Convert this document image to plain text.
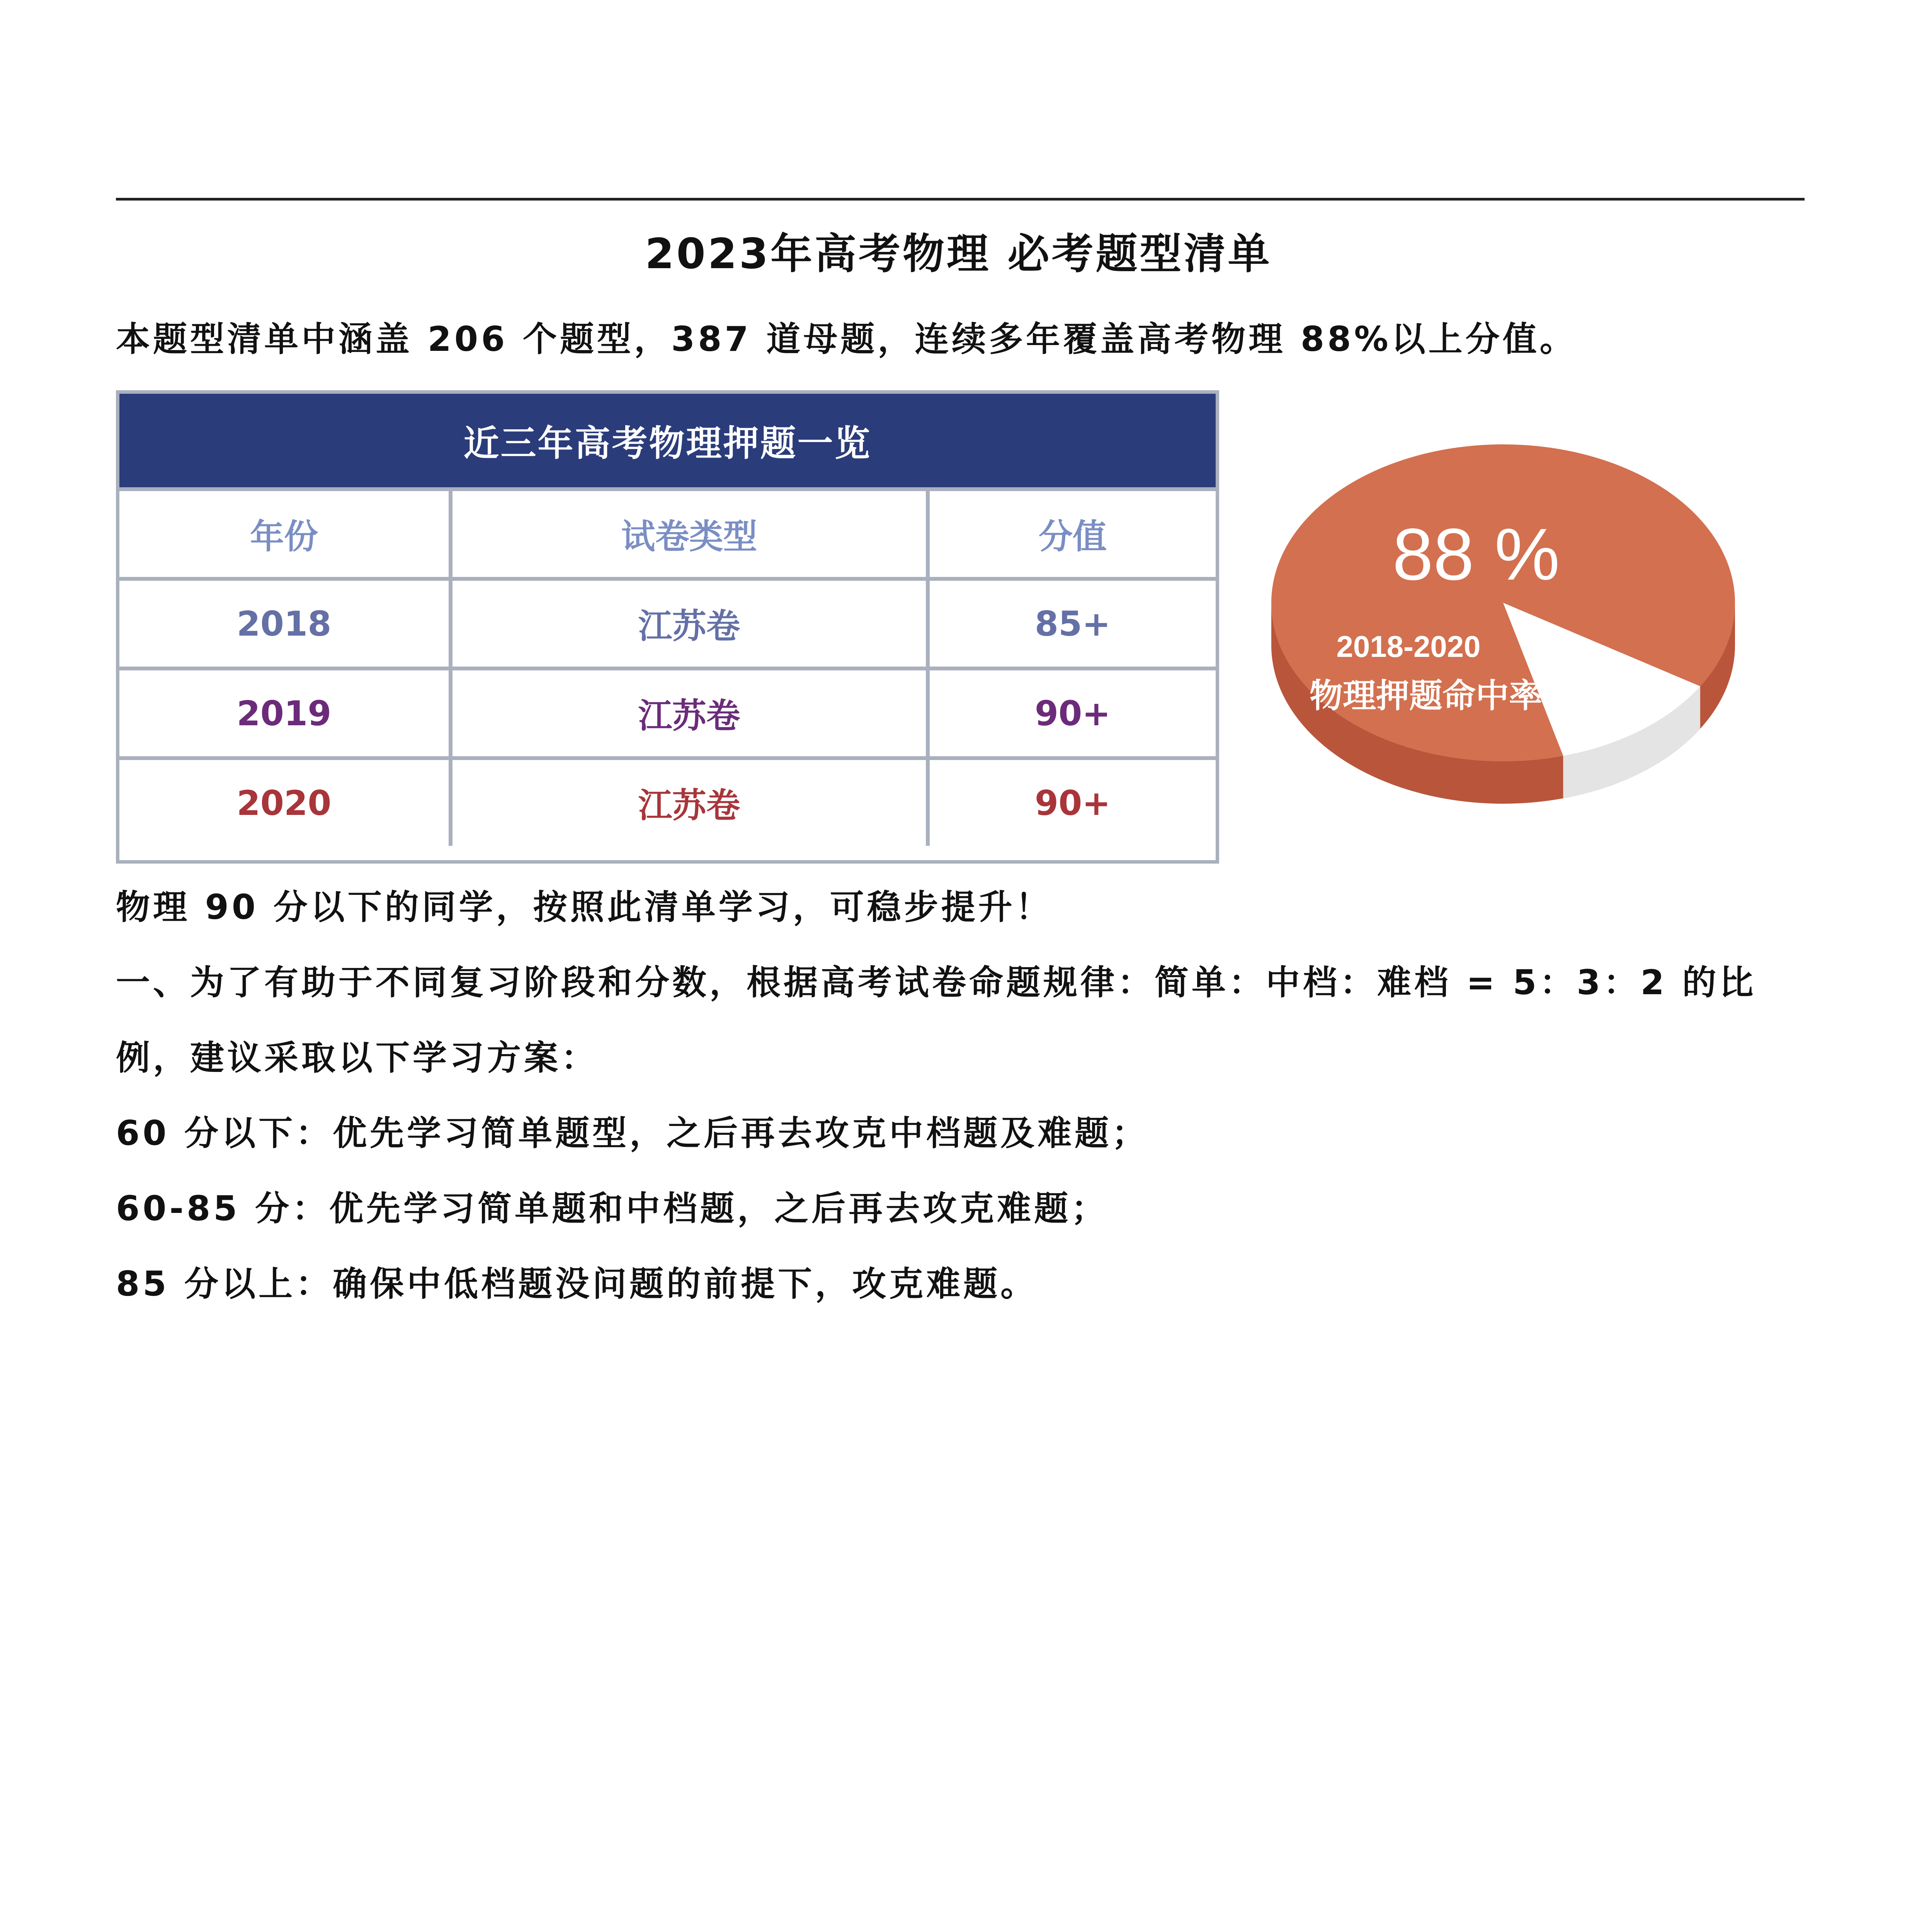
2023年高考物理 必考题型清单
本题型清单中涵盖 206 个题型，387 道母题，连续多年覆盖高考物理 88%以上分值。
近三年高考物理押题一览
年份	试卷类型	分值
2018	江苏卷	85+
2019	江苏卷	90+
2020	江苏卷	90+
88 %
2018-2020
物理押题命中率
物理 90 分以下的同学，按照此清单学习，可稳步提升！
一、为了有助于不同复习阶段和分数，根据高考试卷命题规律：简单：中档：难档 = 5：3：2 的比
例，建议采取以下学习方案：
60 分以下：优先学习简单题型，之后再去攻克中档题及难题；
60-85 分：优先学习简单题和中档题，之后再去攻克难题；
85 分以上：确保中低档题没问题的前提下，攻克难题。
